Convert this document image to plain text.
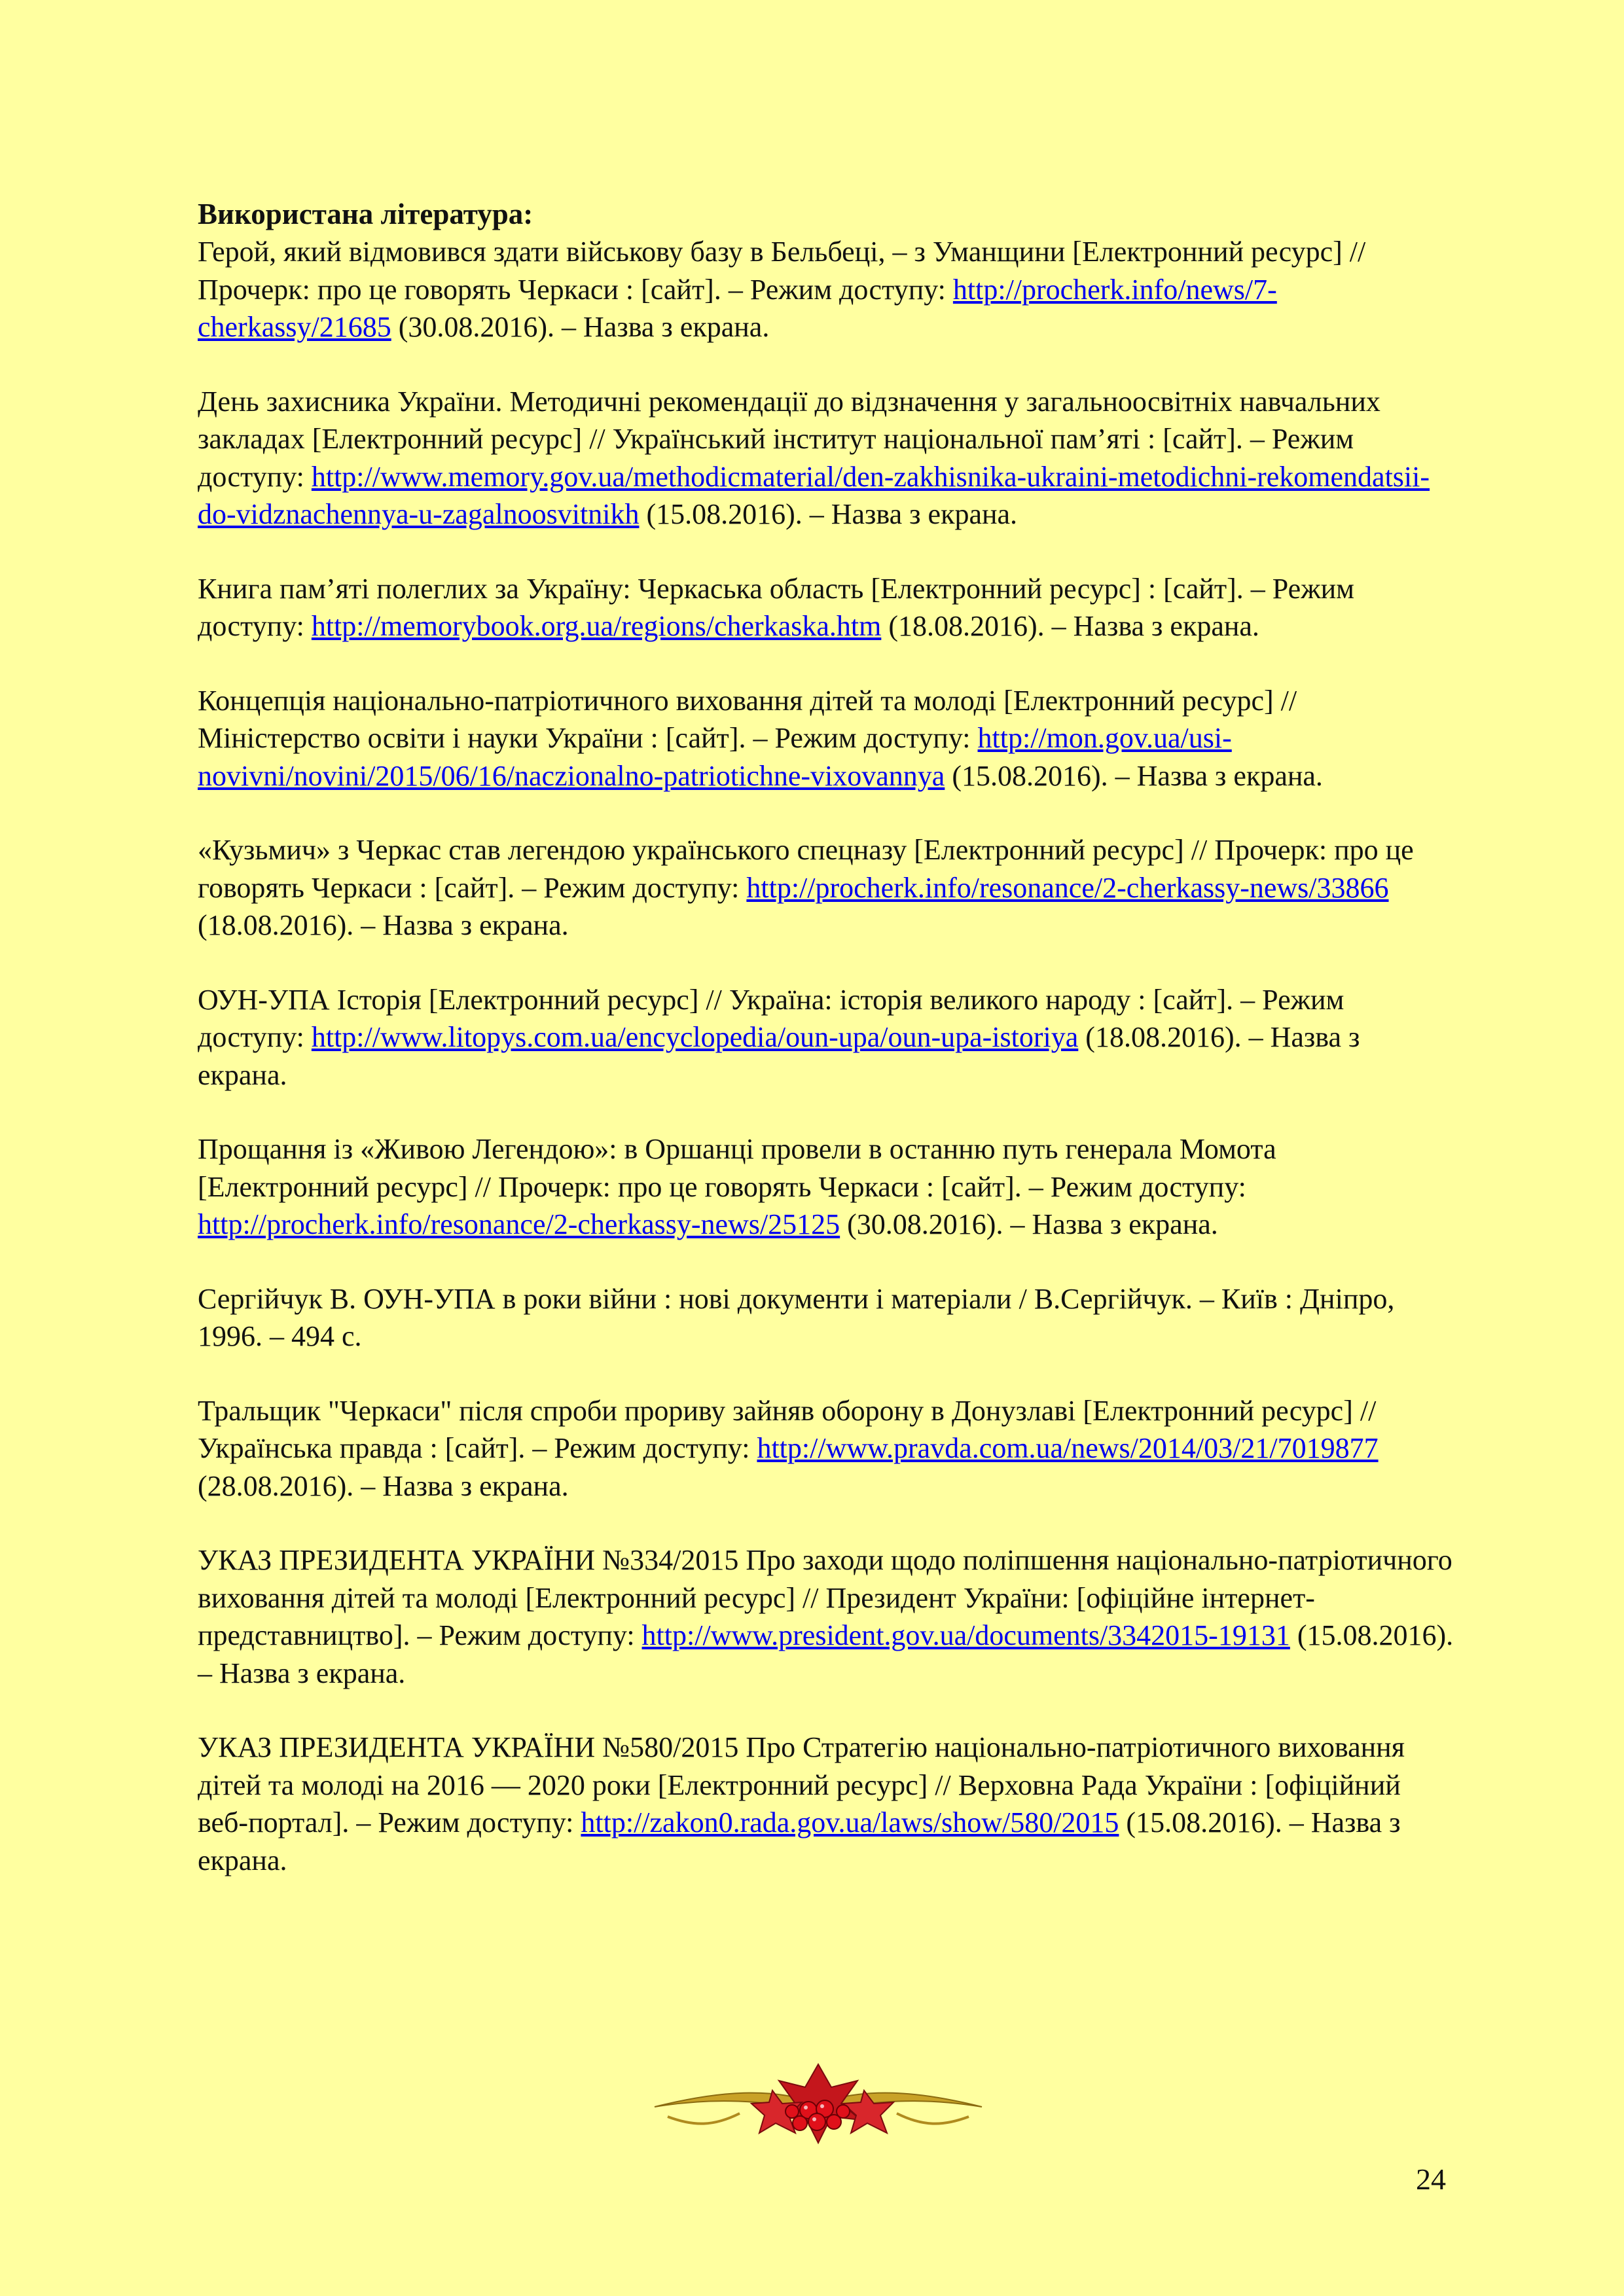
Використана література:

Герой, який відмовився здати військову базу в Бельбеці, – з Уманщини [Електронний ресурс] // Прочерк: про це говорять Черкаси : [сайт]. – Режим доступу: http://procherk.info/news/7-cherkassy/21685 (30.08.2016). – Назва з екрана.

День захисника України. Методичні рекомендації до відзначення у загальноосвітніх навчальних закладах [Електронний ресурс] // Український інститут національної пам’яті : [сайт]. – Режим доступу: http://www.memory.gov.ua/methodicmaterial/den-zakhisnika-ukraini-metodichni-rekomendatsii-do-vidznachennya-u-zagalnoosvitnikh (15.08.2016). – Назва з екрана.

Книга пам’яті полеглих за Україну: Черкаська область [Електронний ресурс] : [сайт]. – Режим доступу: http://memorybook.org.ua/regions/cherkaska.htm (18.08.2016). – Назва з екрана.

Концепція національно-патріотичного виховання дітей та молоді [Електронний ресурс] // Міністерство освіти і науки України : [сайт]. – Режим доступу: http://mon.gov.ua/usi-novivni/novini/2015/06/16/naczionalno-patriotichne-vixovannya (15.08.2016). – Назва з екрана.

«Кузьмич» з Черкас став легендою українського спецназу [Електронний ресурс] // Прочерк: про це говорять Черкаси : [сайт]. – Режим доступу: http://procherk.info/resonance/2-cherkassy-news/33866 (18.08.2016). – Назва з екрана.

ОУН-УПА Історія [Електронний ресурс] // Україна: історія великого народу : [сайт]. – Режим доступу: http://www.litopys.com.ua/encyclopedia/oun-upa/oun-upa-istoriya (18.08.2016). – Назва з екрана.

Прощання із «Живою Легендою»: в Оршанці провели в останню путь генерала Момота [Електронний ресурс] // Прочерк: про це говорять Черкаси : [сайт]. – Режим доступу: http://procherk.info/resonance/2-cherkassy-news/25125 (30.08.2016). – Назва з екрана.

Сергійчук В. ОУН-УПА в роки війни : нові документи і матеріали / В.Сергійчук. – Київ : Дніпро, 1996. – 494 с.

Тральщик "Черкаси" після спроби прориву зайняв оборону в Донузлаві [Електронний ресурс] // Українська правда : [сайт]. – Режим доступу: http://www.pravda.com.ua/news/2014/03/21/7019877 (28.08.2016). – Назва з екрана.

УКАЗ ПРЕЗИДЕНТА УКРАЇНИ №334/2015 Про заходи щодо поліпшення національно-патріотичного виховання дітей та молоді [Електронний ресурс] // Президент України: [офіційне інтернет-представництво]. – Режим доступу: http://www.president.gov.ua/documents/3342015-19131 (15.08.2016). – Назва з екрана.

УКАЗ ПРЕЗИДЕНТА УКРАЇНИ №580/2015 Про Стратегію національно-патріотичного виховання дітей та молоді на 2016 — 2020 роки [Електронний ресурс] // Верховна Рада України : [офіційний веб-портал]. – Режим доступу: http://zakon0.rada.gov.ua/laws/show/580/2015 (15.08.2016). – Назва з екрана.

24
